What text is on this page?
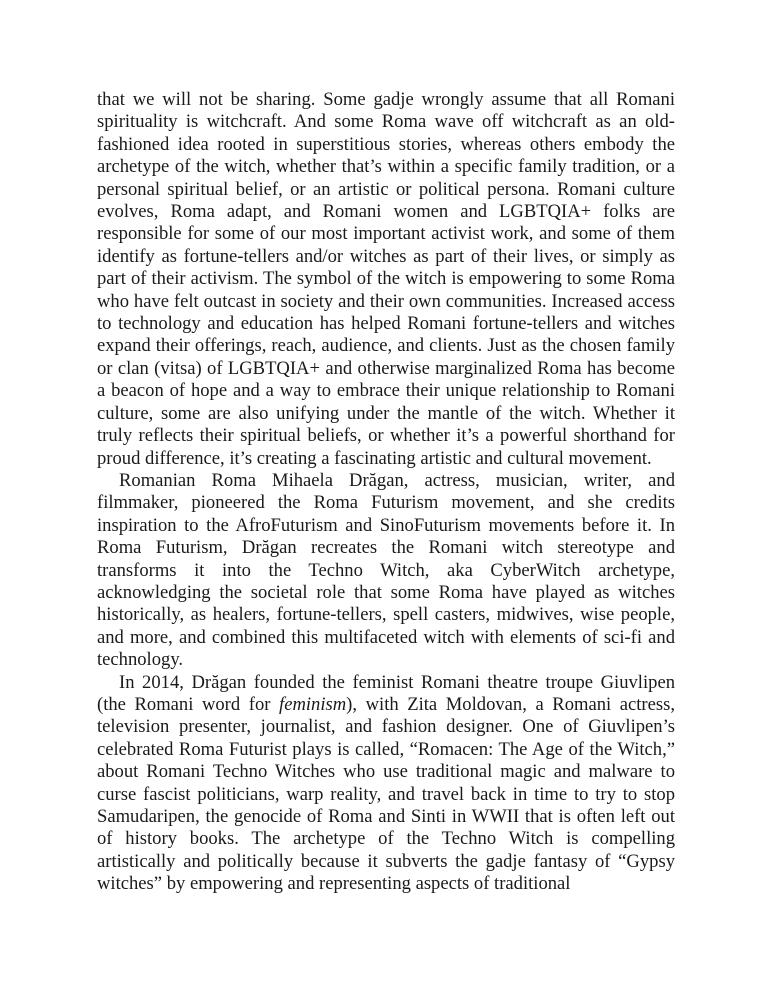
that we will not be sharing. Some gadje wrongly assume that all Romani spirituality is witchcraft. And some Roma wave off witchcraft as an old-fashioned idea rooted in superstitious stories, whereas others embody the archetype of the witch, whether that’s within a specific family tradition, or a personal spiritual belief, or an artistic or political persona. Romani culture evolves, Roma adapt, and Romani women and LGBTQIA+ folks are responsible for some of our most important activist work, and some of them identify as fortune-tellers and/or witches as part of their lives, or simply as part of their activism. The symbol of the witch is empowering to some Roma who have felt outcast in society and their own communities. Increased access to technology and education has helped Romani fortune-tellers and witches expand their offerings, reach, audience, and clients. Just as the chosen family or clan (vitsa) of LGBTQIA+ and otherwise marginalized Roma has become a beacon of hope and a way to embrace their unique relationship to Romani culture, some are also unifying under the mantle of the witch. Whether it truly reflects their spiritual beliefs, or whether it’s a powerful shorthand for proud difference, it’s creating a fascinating artistic and cultural movement.

Romanian Roma Mihaela Drăgan, actress, musician, writer, and filmmaker, pioneered the Roma Futurism movement, and she credits inspiration to the AfroFuturism and SinoFuturism movements before it. In Roma Futurism, Drăgan recreates the Romani witch stereotype and transforms it into the Techno Witch, aka CyberWitch archetype, acknowledging the societal role that some Roma have played as witches historically, as healers, fortune-tellers, spell casters, midwives, wise people, and more, and combined this multifaceted witch with elements of sci-fi and technology.

In 2014, Drăgan founded the feminist Romani theatre troupe Giuvlipen (the Romani word for feminism), with Zita Moldovan, a Romani actress, television presenter, journalist, and fashion designer. One of Giuvlipen’s celebrated Roma Futurist plays is called, “Romacen: The Age of the Witch,” about Romani Techno Witches who use traditional magic and malware to curse fascist politicians, warp reality, and travel back in time to try to stop Samudaripen, the genocide of Roma and Sinti in WWII that is often left out of history books. The archetype of the Techno Witch is compelling artistically and politically because it subverts the gadje fantasy of “Gypsy witches” by empowering and representing aspects of traditional
